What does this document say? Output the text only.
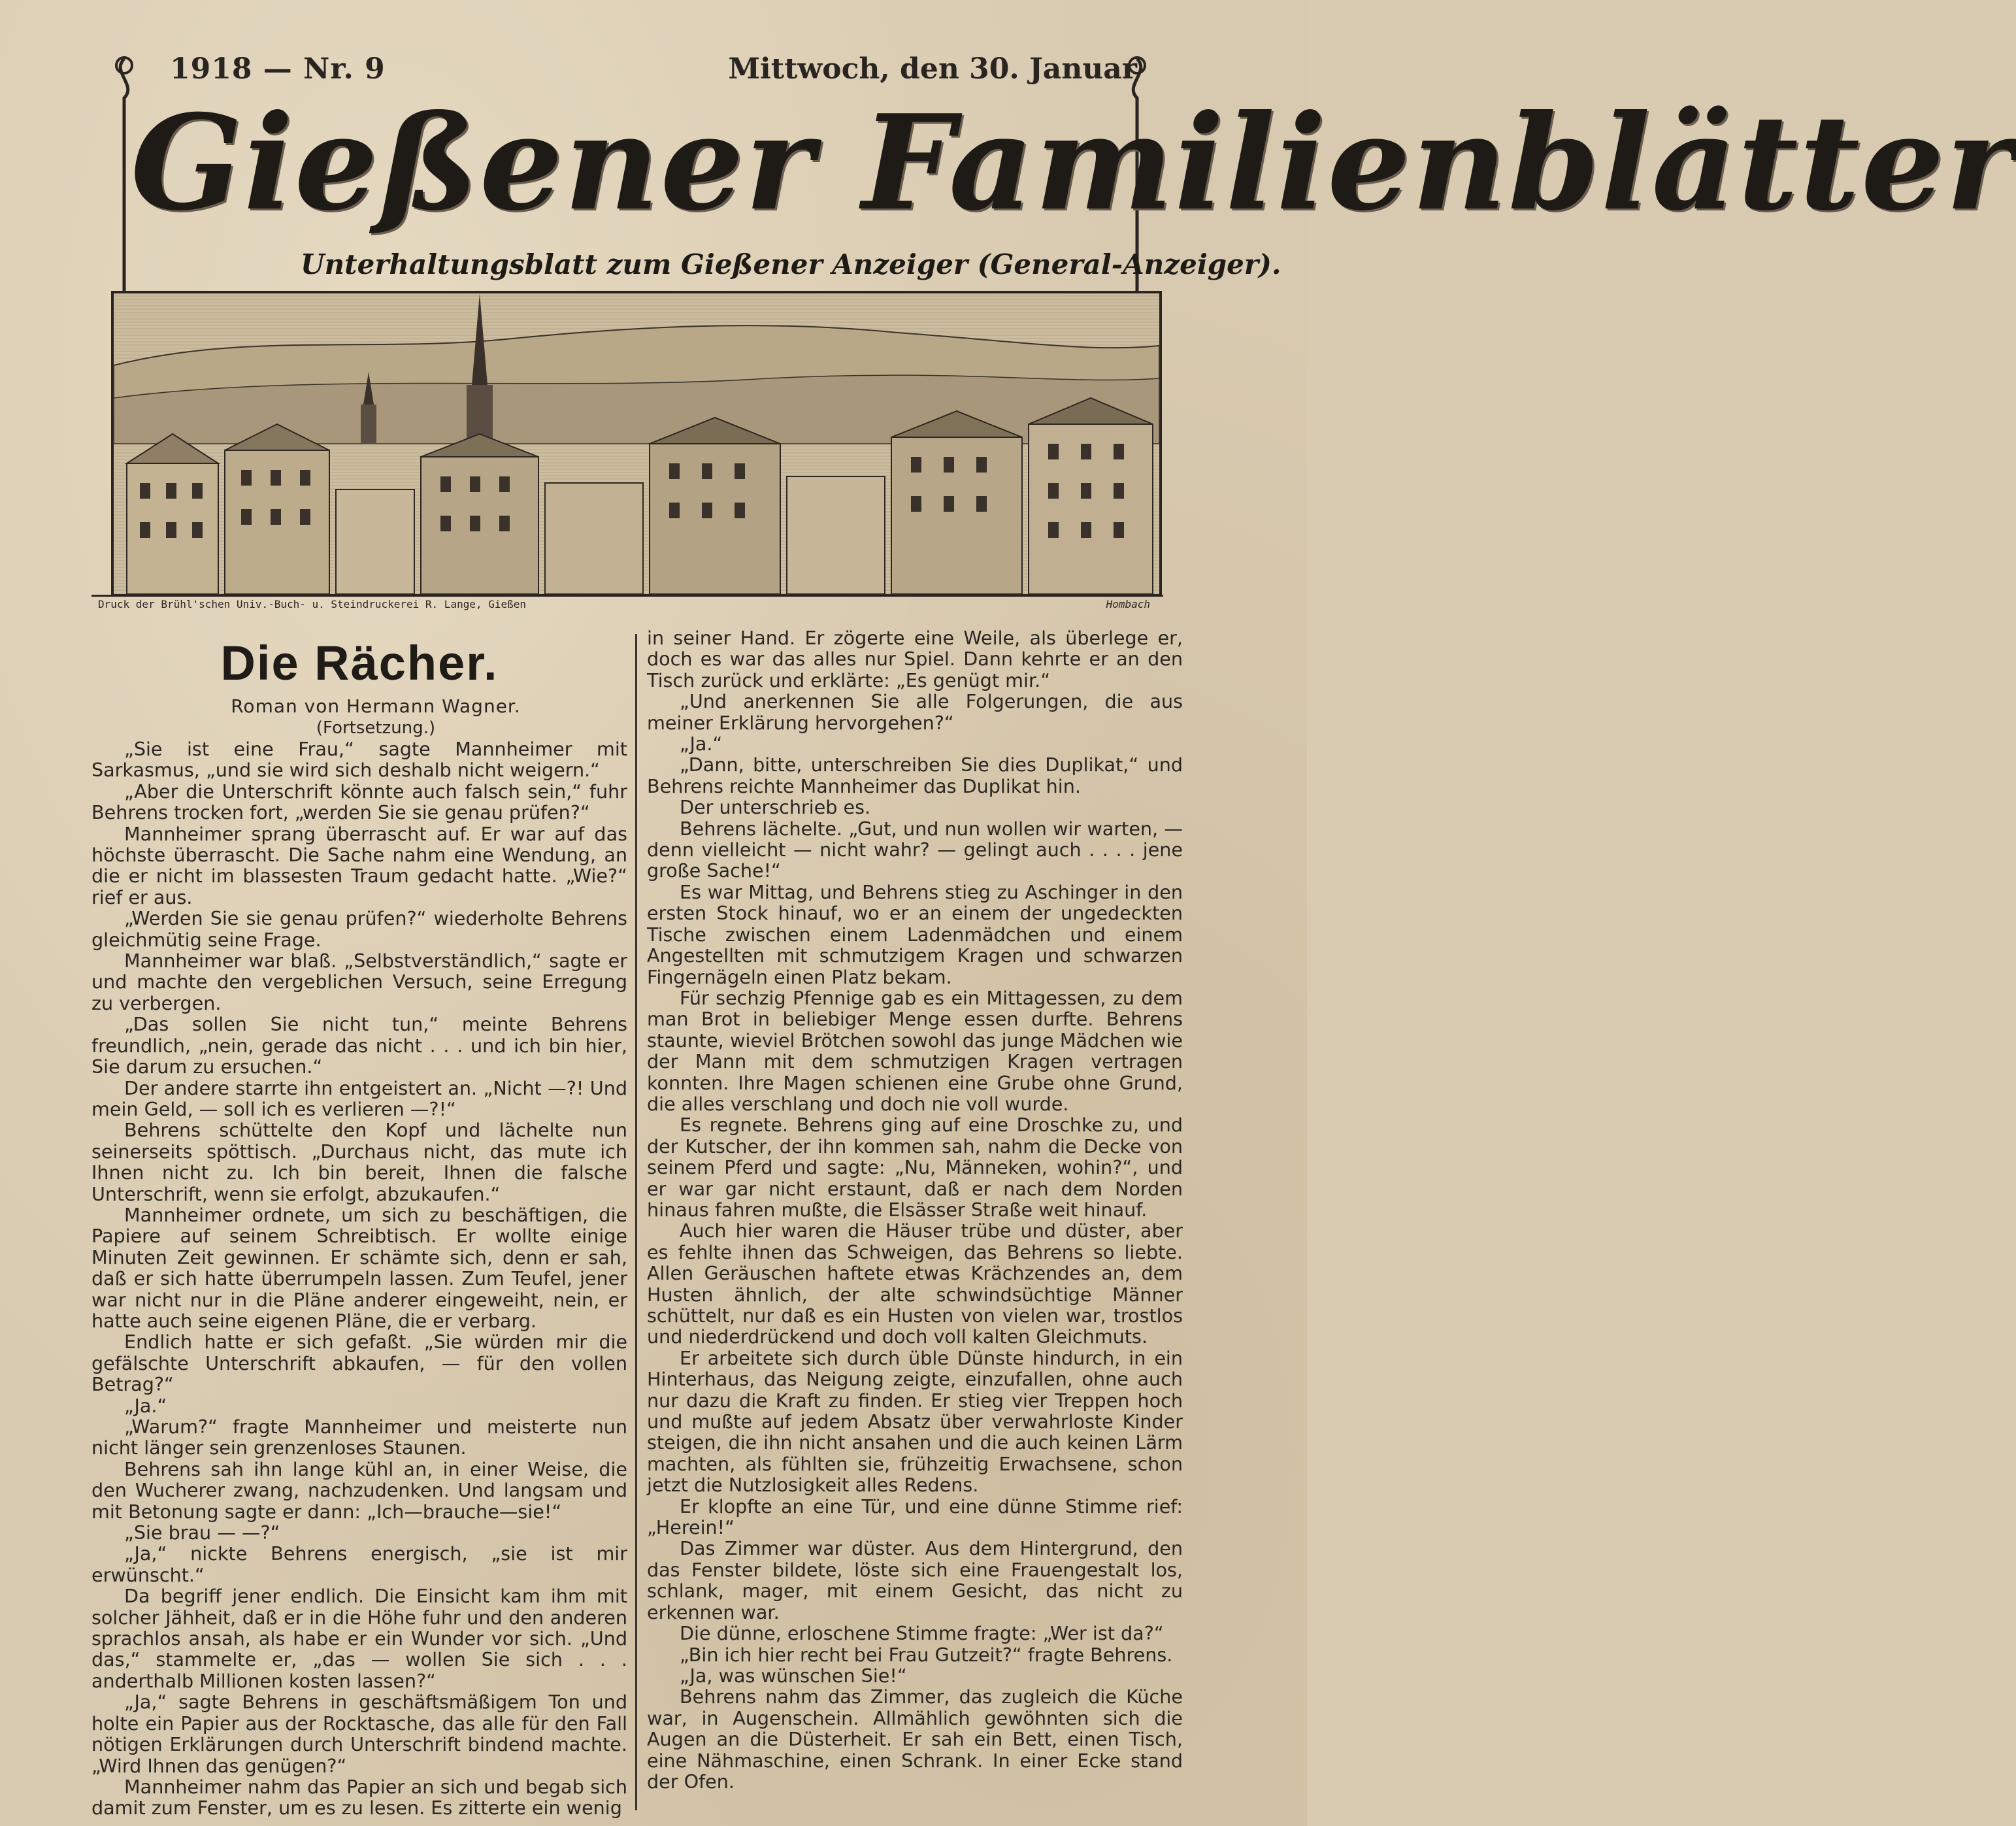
1918 — Nr. 9	Mittwoch, den 30. Januar
Gießener Familienblätter
Unterhaltungsblatt zum Gießener Anzeiger (General-Anzeiger).
Druck der Brühl'schen Univ.-Buch- u. Steindruckerei R. Lange, Gießen	Hombach
Die Rächer.

Roman von Hermann Wagner.

(Fortsetzung.)

„Sie ist eine Frau,“ sagte Mannheimer mit Sarkasmus, „und sie wird sich deshalb nicht weigern.“

„Aber die Unterschrift könnte auch falsch sein,“ fuhr Behrens trocken fort, „werden Sie sie genau prüfen?“

Mannheimer sprang überrascht auf. Er war auf das höchste überrascht. Die Sache nahm eine Wendung, an die er nicht im blassesten Traum gedacht hatte. „Wie?“ rief er aus.

„Werden Sie sie genau prüfen?“ wiederholte Behrens gleichmütig seine Frage.

Mannheimer war blaß. „Selbstverständlich,“ sagte er und machte den vergeblichen Versuch, seine Erregung zu verbergen.

„Das sollen Sie nicht tun,“ meinte Behrens freundlich, „nein, gerade das nicht . . . und ich bin hier, Sie darum zu ersuchen.“

Der andere starrte ihn entgeistert an. „Nicht —?! Und mein Geld, — soll ich es verlieren —?!“

Behrens schüttelte den Kopf und lächelte nun seinerseits spöttisch. „Durchaus nicht, das mute ich Ihnen nicht zu. Ich bin bereit, Ihnen die falsche Unterschrift, wenn sie erfolgt, abzukaufen.“

Mannheimer ordnete, um sich zu beschäftigen, die Papiere auf seinem Schreibtisch. Er wollte einige Minuten Zeit gewinnen. Er schämte sich, denn er sah, daß er sich hatte überrumpeln lassen. Zum Teufel, jener war nicht nur in die Pläne anderer eingeweiht, nein, er hatte auch seine eigenen Pläne, die er verbarg.

Endlich hatte er sich gefaßt. „Sie würden mir die gefälschte Unterschrift abkaufen, — für den vollen Betrag?“

„Ja.“

„Warum?“ fragte Mannheimer und meisterte nun nicht länger sein grenzenloses Staunen.

Behrens sah ihn lange kühl an, in einer Weise, die den Wucherer zwang, nachzudenken. Und langsam und mit Betonung sagte er dann: „Ich—brauche—sie!“

„Sie brau — —?“

„Ja,“ nickte Behrens energisch, „sie ist mir erwünscht.“

Da begriff jener endlich. Die Einsicht kam ihm mit solcher Jähheit, daß er in die Höhe fuhr und den anderen sprachlos ansah, als habe er ein Wunder vor sich. „Und das,“ stammelte er, „das — wollen Sie sich . . . anderthalb Millionen kosten lassen?“

„Ja,“ sagte Behrens in geschäftsmäßigem Ton und holte ein Papier aus der Rocktasche, das alle für den Fall nötigen Erklärungen durch Unterschrift bindend machte. „Wird Ihnen das genügen?“

Mannheimer nahm das Papier an sich und begab sich damit zum Fenster, um es zu lesen. Es zitterte ein wenig

in seiner Hand. Er zögerte eine Weile, als überlege er, doch es war das alles nur Spiel. Dann kehrte er an den Tisch zurück und erklärte: „Es genügt mir.“

„Und anerkennen Sie alle Folgerungen, die aus meiner Erklärung hervorgehen?“

„Ja.“

„Dann, bitte, unterschreiben Sie dies Duplikat,“ und Behrens reichte Mannheimer das Duplikat hin.

Der unterschrieb es.

Behrens lächelte. „Gut, und nun wollen wir warten, — denn vielleicht — nicht wahr? — gelingt auch . . . . jene große Sache!“

Es war Mittag, und Behrens stieg zu Aschinger in den ersten Stock hinauf, wo er an einem der ungedeckten Tische zwischen einem Ladenmädchen und einem Angestellten mit schmutzigem Kragen und schwarzen Fingernägeln einen Platz bekam.

Für sechzig Pfennige gab es ein Mittagessen, zu dem man Brot in beliebiger Menge essen durfte. Behrens staunte, wieviel Brötchen sowohl das junge Mädchen wie der Mann mit dem schmutzigen Kragen vertragen konnten. Ihre Magen schienen eine Grube ohne Grund, die alles verschlang und doch nie voll wurde.

Es regnete. Behrens ging auf eine Droschke zu, und der Kutscher, der ihn kommen sah, nahm die Decke von seinem Pferd und sagte: „Nu, Männeken, wohin?“, und er war gar nicht erstaunt, daß er nach dem Norden hinaus fahren mußte, die Elsässer Straße weit hinauf.

Auch hier waren die Häuser trübe und düster, aber es fehlte ihnen das Schweigen, das Behrens so liebte. Allen Geräuschen haftete etwas Krächzendes an, dem Husten ähnlich, der alte schwindsüchtige Männer schüttelt, nur daß es ein Husten von vielen war, trostlos und niederdrückend und doch voll kalten Gleichmuts.

Er arbeitete sich durch üble Dünste hindurch, in ein Hinterhaus, das Neigung zeigte, einzufallen, ohne auch nur dazu die Kraft zu finden. Er stieg vier Treppen hoch und mußte auf jedem Absatz über verwahrloste Kinder steigen, die ihn nicht ansahen und die auch keinen Lärm machten, als fühlten sie, frühzeitig Erwachsene, schon jetzt die Nutzlosigkeit alles Redens.

Er klopfte an eine Tür, und eine dünne Stimme rief: „Herein!“

Das Zimmer war düster. Aus dem Hintergrund, den das Fenster bildete, löste sich eine Frauengestalt los, schlank, mager, mit einem Gesicht, das nicht zu erkennen war.

Die dünne, erloschene Stimme fragte: „Wer ist da?“

„Bin ich hier recht bei Frau Gutzeit?“ fragte Behrens.

„Ja, was wünschen Sie!“

Behrens nahm das Zimmer, das zugleich die Küche war, in Augenschein. Allmählich gewöhnten sich die Augen an die Düsterheit. Er sah ein Bett, einen Tisch, eine Nähmaschine, einen Schrank. In einer Ecke stand der Ofen.
